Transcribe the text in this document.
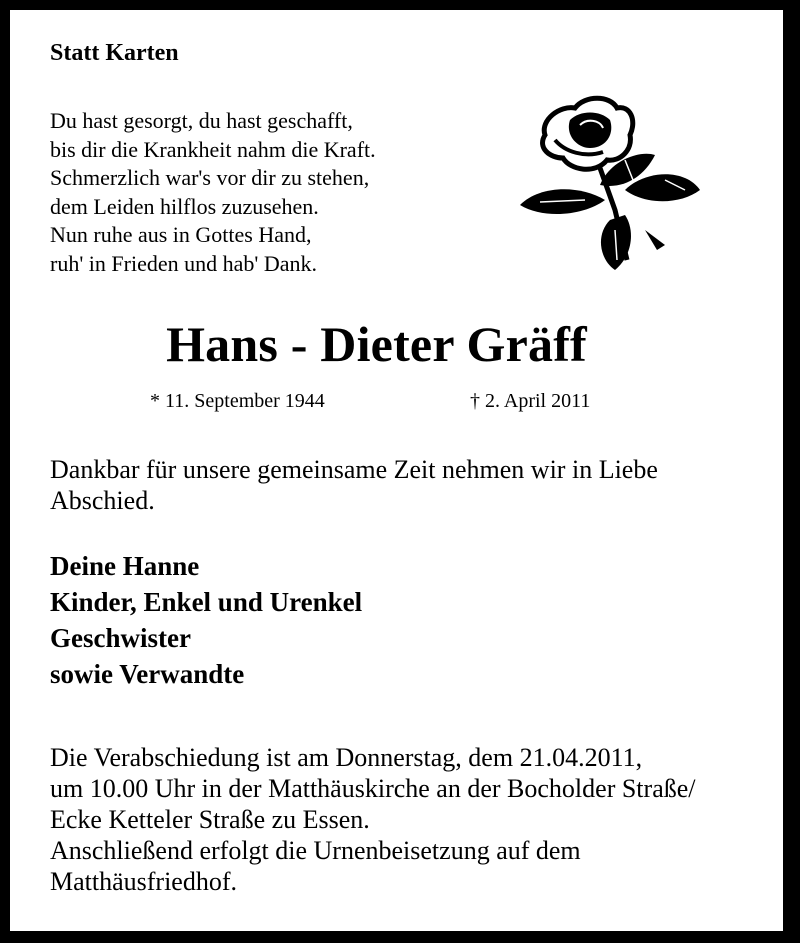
Statt Karten
Du hast gesorgt, du hast geschafft,
bis dir die Krankheit nahm die Kraft.
Schmerzlich war's vor dir zu stehen,
dem Leiden hilflos zuzusehen.
Nun ruhe aus in Gottes Hand,
ruh' in Frieden und hab' Dank.
Hans - Dieter Gräff
* 11. September 1944	† 2. April 2011
Dankbar für unsere gemeinsame Zeit nehmen wir in Liebe Abschied.
Deine Hanne
Kinder, Enkel und Urenkel
Geschwister
sowie Verwandte
Die Verabschiedung ist am Donnerstag, dem 21.04.2011,
um 10.00 Uhr in der Matthäuskirche an der Bocholder Straße/
Ecke Ketteler Straße zu Essen.
Anschließend erfolgt die Urnenbeisetzung auf dem
Matthäusfriedhof.
